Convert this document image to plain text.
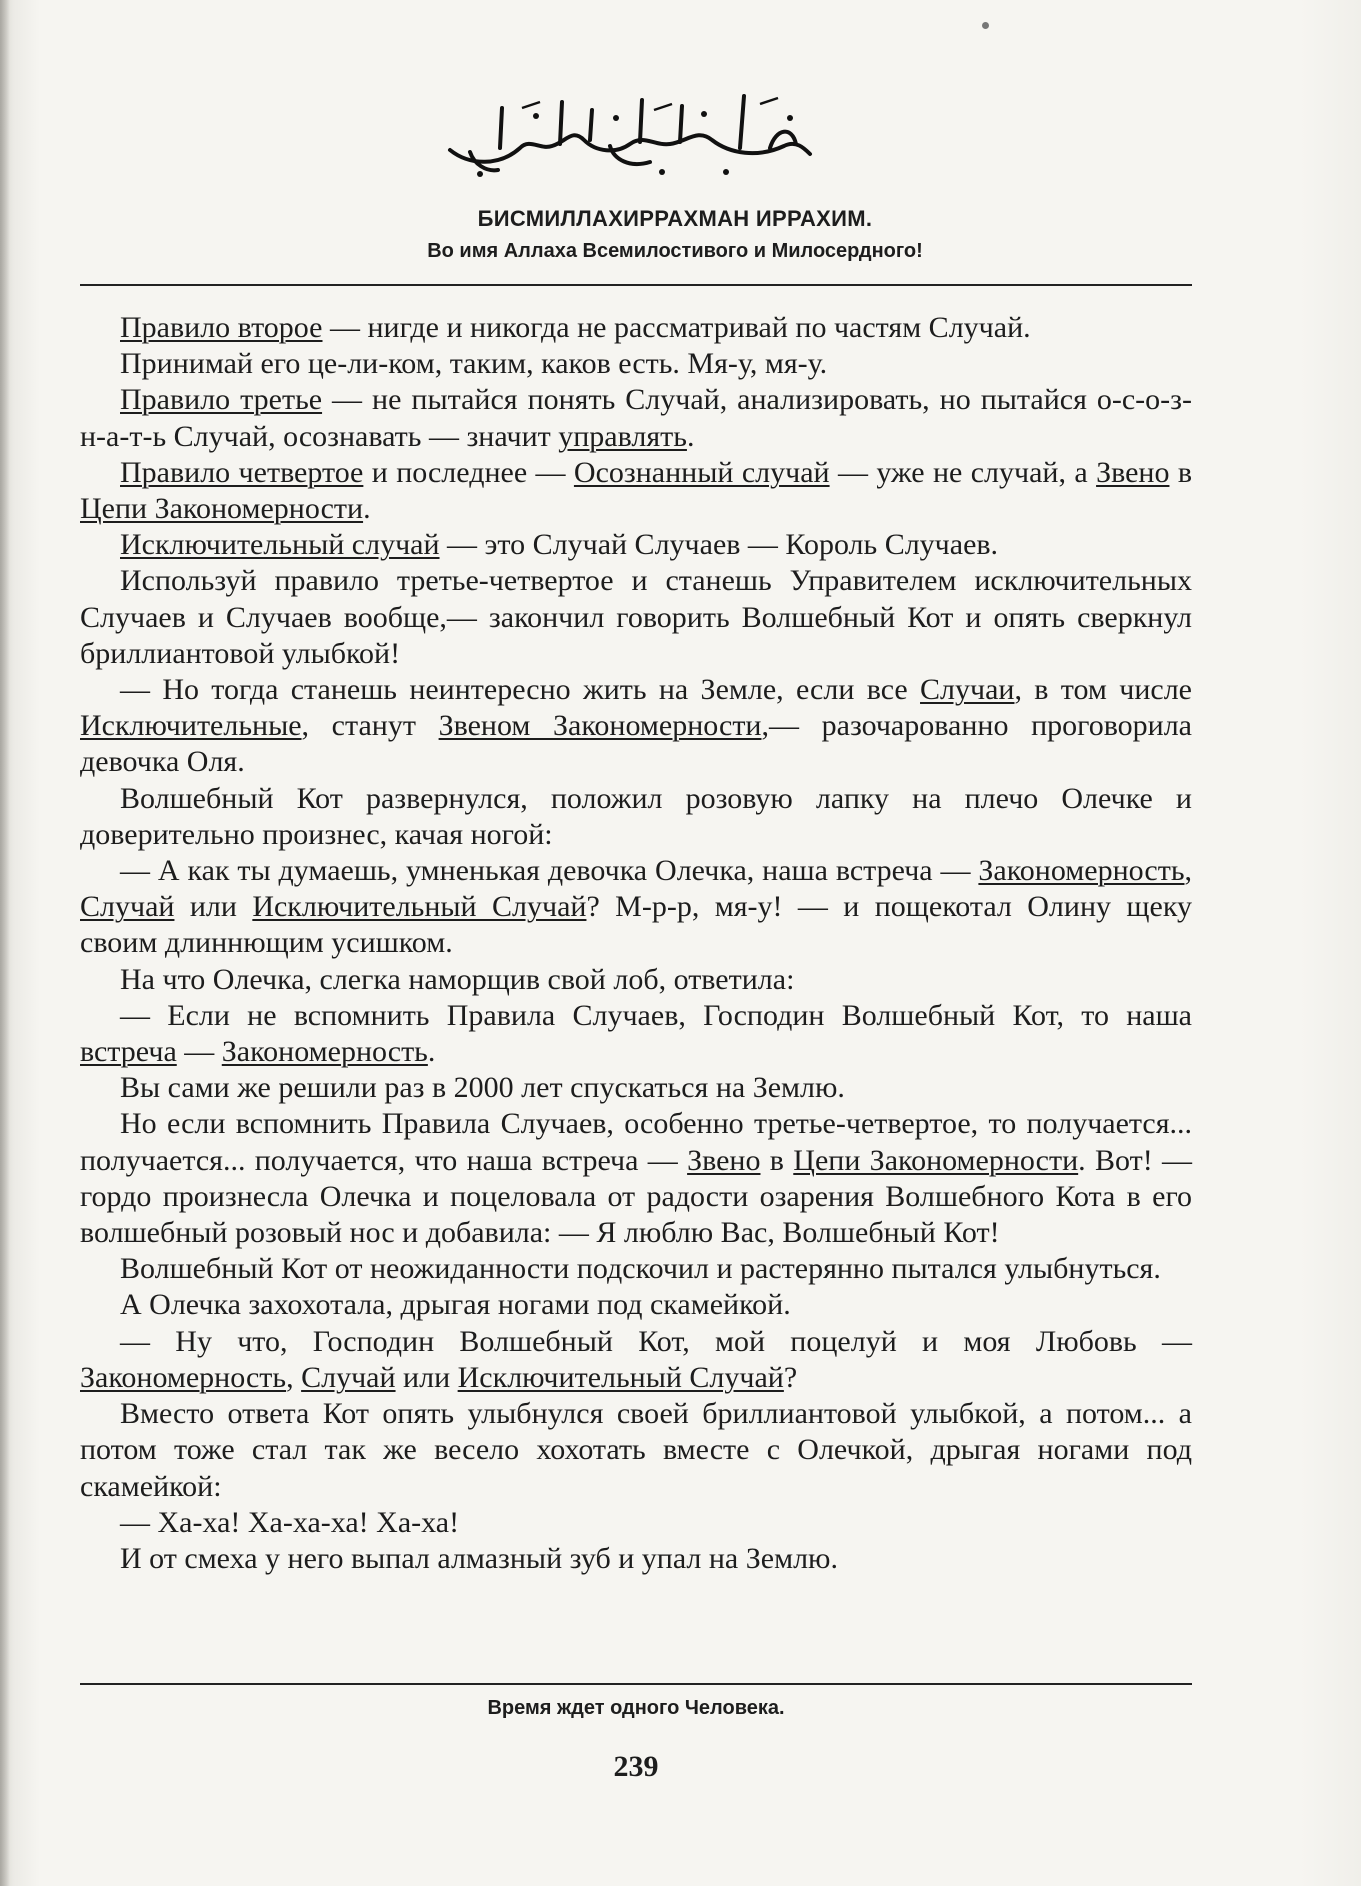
БИСМИЛЛАХИРРАХМАН ИРРАХИМ.
Во имя Аллаха Всемилостивого и Милосердного!

Правило второе — нигде и никогда не рассматривай по частям Случай.

Принимай его це-ли-ком, таким, каков есть. Мя-у, мя-у.

Правило третье — не пытайся понять Случай, анализировать, но пытайся о-с-о-з-н-а-т-ь Случай, осознавать — значит управлять.

Правило четвертое и последнее — Осознанный случай — уже не случай, а Звено в Цепи Закономерности.

Исключительный случай — это Случай Случаев — Король Случаев.

Используй правило третье-четвертое и станешь Управителем исключительных Случаев и Случаев вообще,— закончил говорить Волшебный Кот и опять сверкнул бриллиантовой улыбкой!

— Но тогда станешь неинтересно жить на Земле, если все Случаи, в том числе Исключительные, станут Звеном Закономерности,— разочарованно проговорила девочка Оля.

Волшебный Кот развернулся, положил розовую лапку на плечо Олечке и доверительно произнес, качая ногой:

— А как ты думаешь, умненькая девочка Олечка, наша встреча — Закономерность, Случай или Исключительный Случай? М-р-р, мя-у! — и пощекотал Олину щеку своим длиннющим усишком.

На что Олечка, слегка наморщив свой лоб, ответила:

— Если не вспомнить Правила Случаев, Господин Волшебный Кот, то наша встреча — Закономерность.

Вы сами же решили раз в 2000 лет спускаться на Землю.

Но если вспомнить Правила Случаев, особенно третье-четвертое, то получается... получается... получается, что наша встреча — Звено в Цепи Закономерности. Вот! — гордо произнесла Олечка и поцеловала от радости озарения Волшебного Кота в его волшебный розовый нос и добавила: — Я люблю Вас, Волшебный Кот!

Волшебный Кот от неожиданности подскочил и растерянно пытался улыбнуться.

А Олечка захохотала, дрыгая ногами под скамейкой.

— Ну что, Господин Волшебный Кот, мой поцелуй и моя Любовь — Закономерность, Случай или Исключительный Случай?

Вместо ответа Кот опять улыбнулся своей бриллиантовой улыбкой, а потом... а потом тоже стал так же весело хохотать вместе с Олечкой, дрыгая ногами под скамейкой:

— Ха-ха! Ха-ха-ха! Ха-ха!

И от смеха у него выпал алмазный зуб и упал на Землю.

Время ждет одного Человека.
239
